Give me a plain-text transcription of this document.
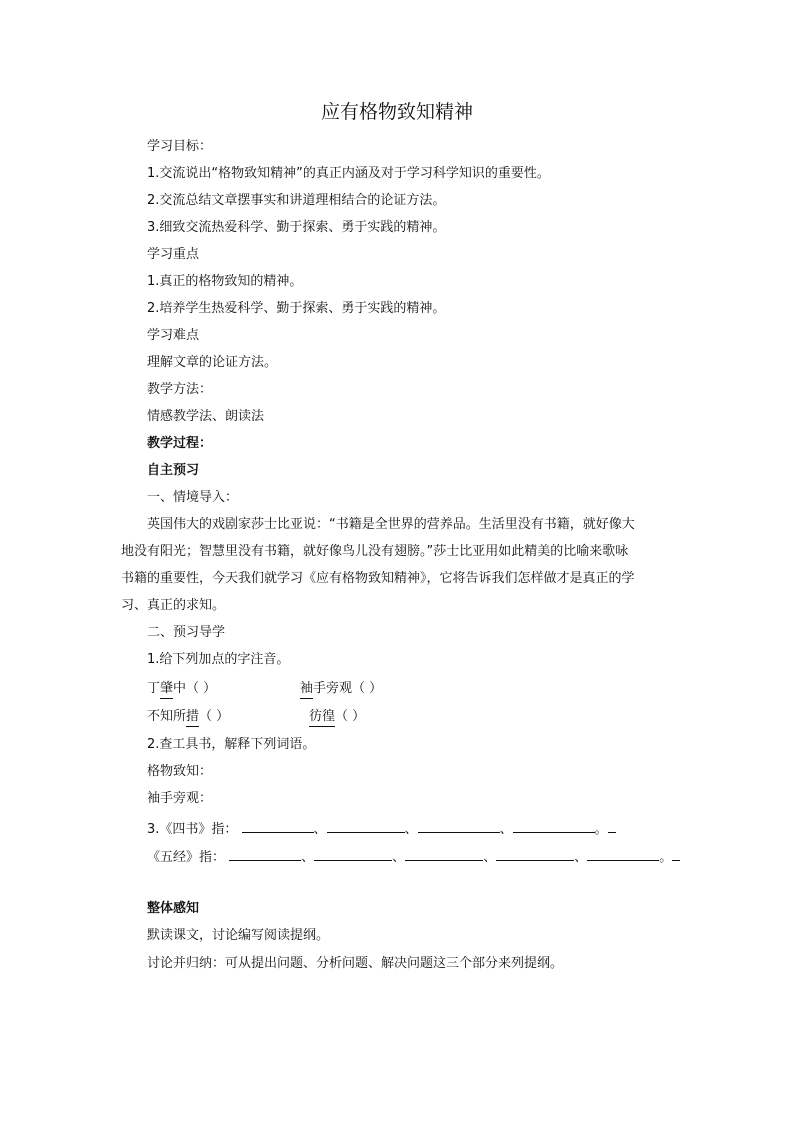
应有格物致知精神
学习目标：
1.交流说出“格物致知精神”的真正内涵及对于学习科学知识的重要性。
2.交流总结文章摆事实和讲道理相结合的论证方法。
3.细致交流热爱科学、勤于探索、勇于实践的精神。
学习重点
1.真正的格物致知的精神。
2.培养学生热爱科学、勤于探索、勇于实践的精神。
学习难点
理解文章的论证方法。
教学方法：
情感教学法、朗读法
教学过程：
自主预习
一、情境导入：
英国伟大的戏剧家莎士比亚说：“书籍是全世界的营养品。生活里没有书籍，就好像大
地没有阳光；智慧里没有书籍，就好像鸟儿没有翅膀。”莎士比亚用如此精美的比喻来歌咏
书籍的重要性，今天我们就学习《应有格物致知精神》，它将告诉我们怎样做才是真正的学
习、真正的求知。
二、预习导学
1.给下列加点的字注音。
丁肇中（ ）	袖手旁观（ ）
不知所措（ ）	彷徨（ ）
2.查工具书，解释下列词语。
格物致知：
袖手旁观：
3.《四书》指：	、	、	、	。
《五经》指：	、	、	、	、	。
整体感知
默读课文，讨论编写阅读提纲。
讨论并归纳：可从提出问题、分析问题、解决问题这三个部分来列提纲。
